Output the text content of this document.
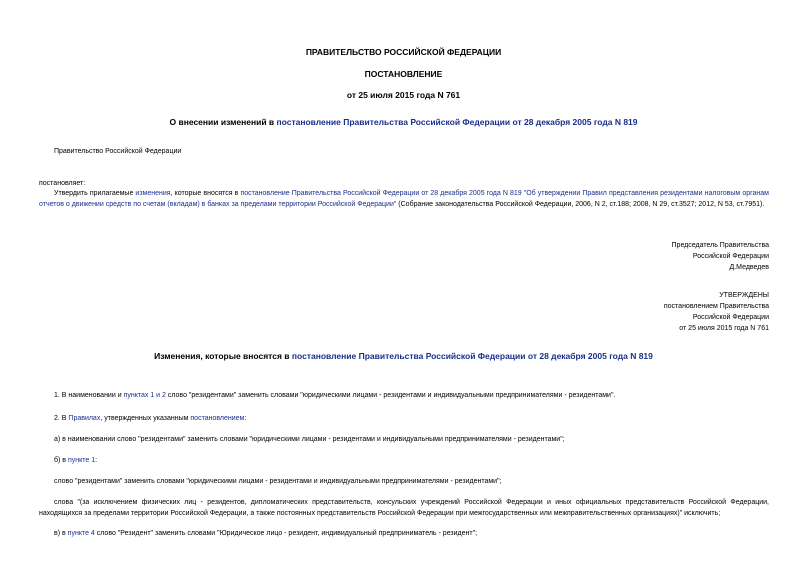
ПРАВИТЕЛЬСТВО РОССИЙСКОЙ ФЕДЕРАЦИИ
ПОСТАНОВЛЕНИЕ
от 25 июля 2015 года N 761
О внесении изменений в постановление Правительства Российской Федерации от 28 декабря 2005 года N 819
Правительство Российской Федерации
постановляет:
Утвердить прилагаемые изменения, которые вносятся в постановление Правительства Российской Федерации от 28 декабря 2005 года N 819 "Об утверждении Правил представления резидентами налоговым органам отчетов о движении средств по счетам (вкладам) в банках за пределами территории Российской Федерации" (Собрание законодательства Российской Федерации, 2006, N 2, ст.188; 2008, N 29, ст.3527; 2012, N 53, ст.7951).

Председатель Правительства

Российской Федерации

Д.Медведев

УТВЕРЖДЕНЫ

постановлением Правительства

Российской Федерации

от 25 июля 2015 года N 761

Изменения, которые вносятся в постановление Правительства Российской Федерации от 28 декабря 2005 года N 819
1. В наименовании и пунктах 1 и 2 слово "резидентами" заменить словами "юридическими лицами - резидентами и индивидуальными предпринимателями - резидентами".
2. В Правилах, утвержденных указанным постановлением:
а) в наименовании слово "резидентами" заменить словами "юридическими лицами - резидентами и индивидуальными предпринимателями - резидентами";
б) в пункте 1:
слово "резидентами" заменить словами "юридическими лицами - резидентами и индивидуальными предпринимателями - резидентами";
слова "(за исключением физических лиц - резидентов, дипломатических представительств, консульских учреждений Российской Федерации и иных официальных представительств Российской Федерации, находящихся за пределами территории Российской Федерации, а также постоянных представительств Российской Федерации при межгосударственных или межправительственных организациях)" исключить;
в) в пункте 4 слово "Резидент" заменить словами "Юридическое лицо - резидент, индивидуальный предприниматель - резидент";
